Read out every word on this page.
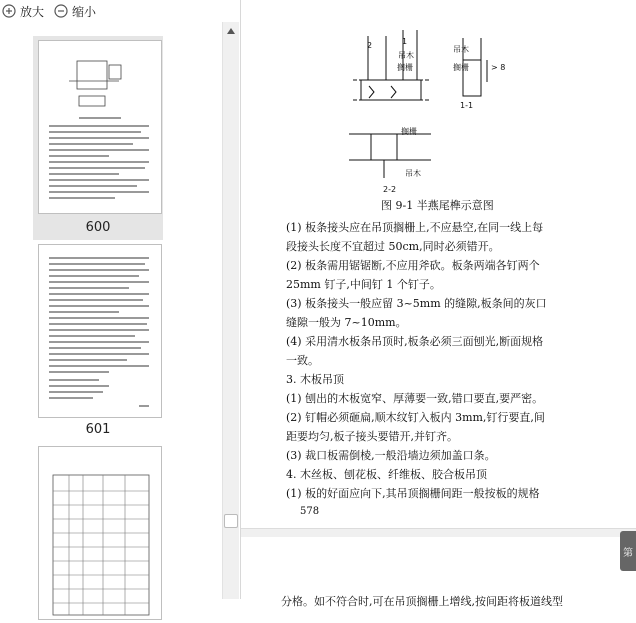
放大 缩小
600
601
2	1
吊木
搁栅
吊木
搁栅	> 8
1-1
搁栅
吊木
2-2
图 9-1 半燕尾榫示意图
(1) 板条接头应在吊顶搁栅上,不应悬空,在同一线上每
段接头长度不宜超过 50cm,同时必须错开。
(2) 板条需用锯锯断,不应用斧砍。板条两端各钉两个
25mm 钉子,中间钉 1 个钉子。
(3) 板条接头一般应留 3~5mm 的缝隙,板条间的灰口
缝隙一般为 7~10mm。
(4) 采用清水板条吊顶时,板条必须三面刨光,断面规格
一致。
3. 木板吊顶
(1) 刨出的木板宽窄、厚薄要一致,错口要直,要严密。
(2) 钉帽必须砸扁,顺木纹钉入板内 3mm,钉行要直,间
距要均匀,板子接头要错开,并钉齐。
(3) 裁口板需倒棱,一般沿墙边须加盖口条。
4. 木丝板、刨花板、纤维板、胶合板吊顶
(1) 板的好面应向下,其吊顶搁栅间距一般按板的规格
578
分格。如不符合时,可在吊顶搁栅上增线,按间距将板道线型
第
